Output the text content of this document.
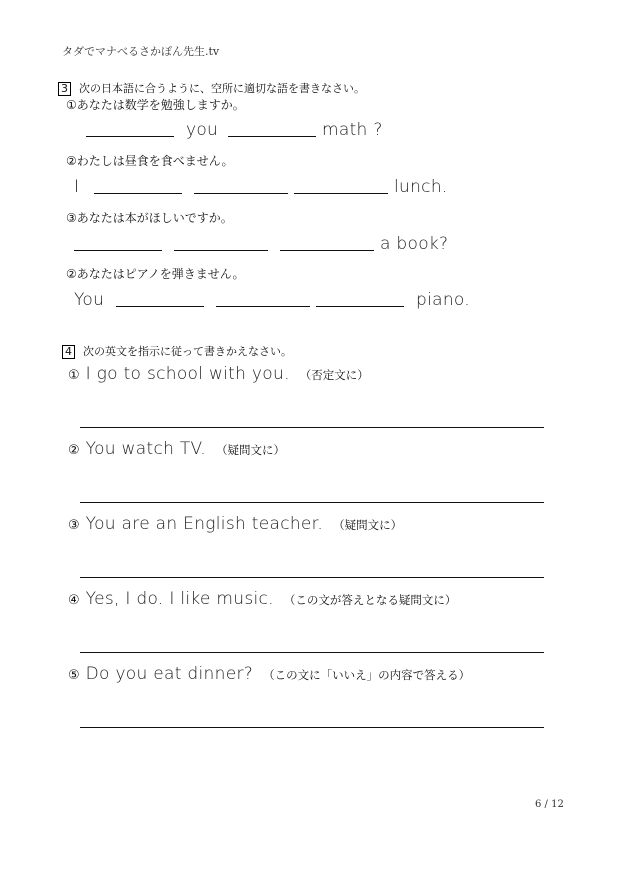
タダでマナべるさかぽん先生.tv
3 次の日本語に合うように、空所に適切な語を書きなさい。
①あなたは数学を勉強しますか。
you	math ?
②わたしは昼食を食べません。
I	lunch.
③あなたは本がほしいですか。
a book?
②あなたはピアノを弾きません。
You	piano.
4 次の英文を指示に従って書きかえなさい。
① I go to school with you. （否定文に）
② You watch TV. （疑問文に）
③ You are an English teacher. （疑問文に）
④ Yes, I do. I like music. （この文が答えとなる疑問文に）
⑤ Do you eat dinner? （この文に「いいえ」の内容で答える）
6 / 12
